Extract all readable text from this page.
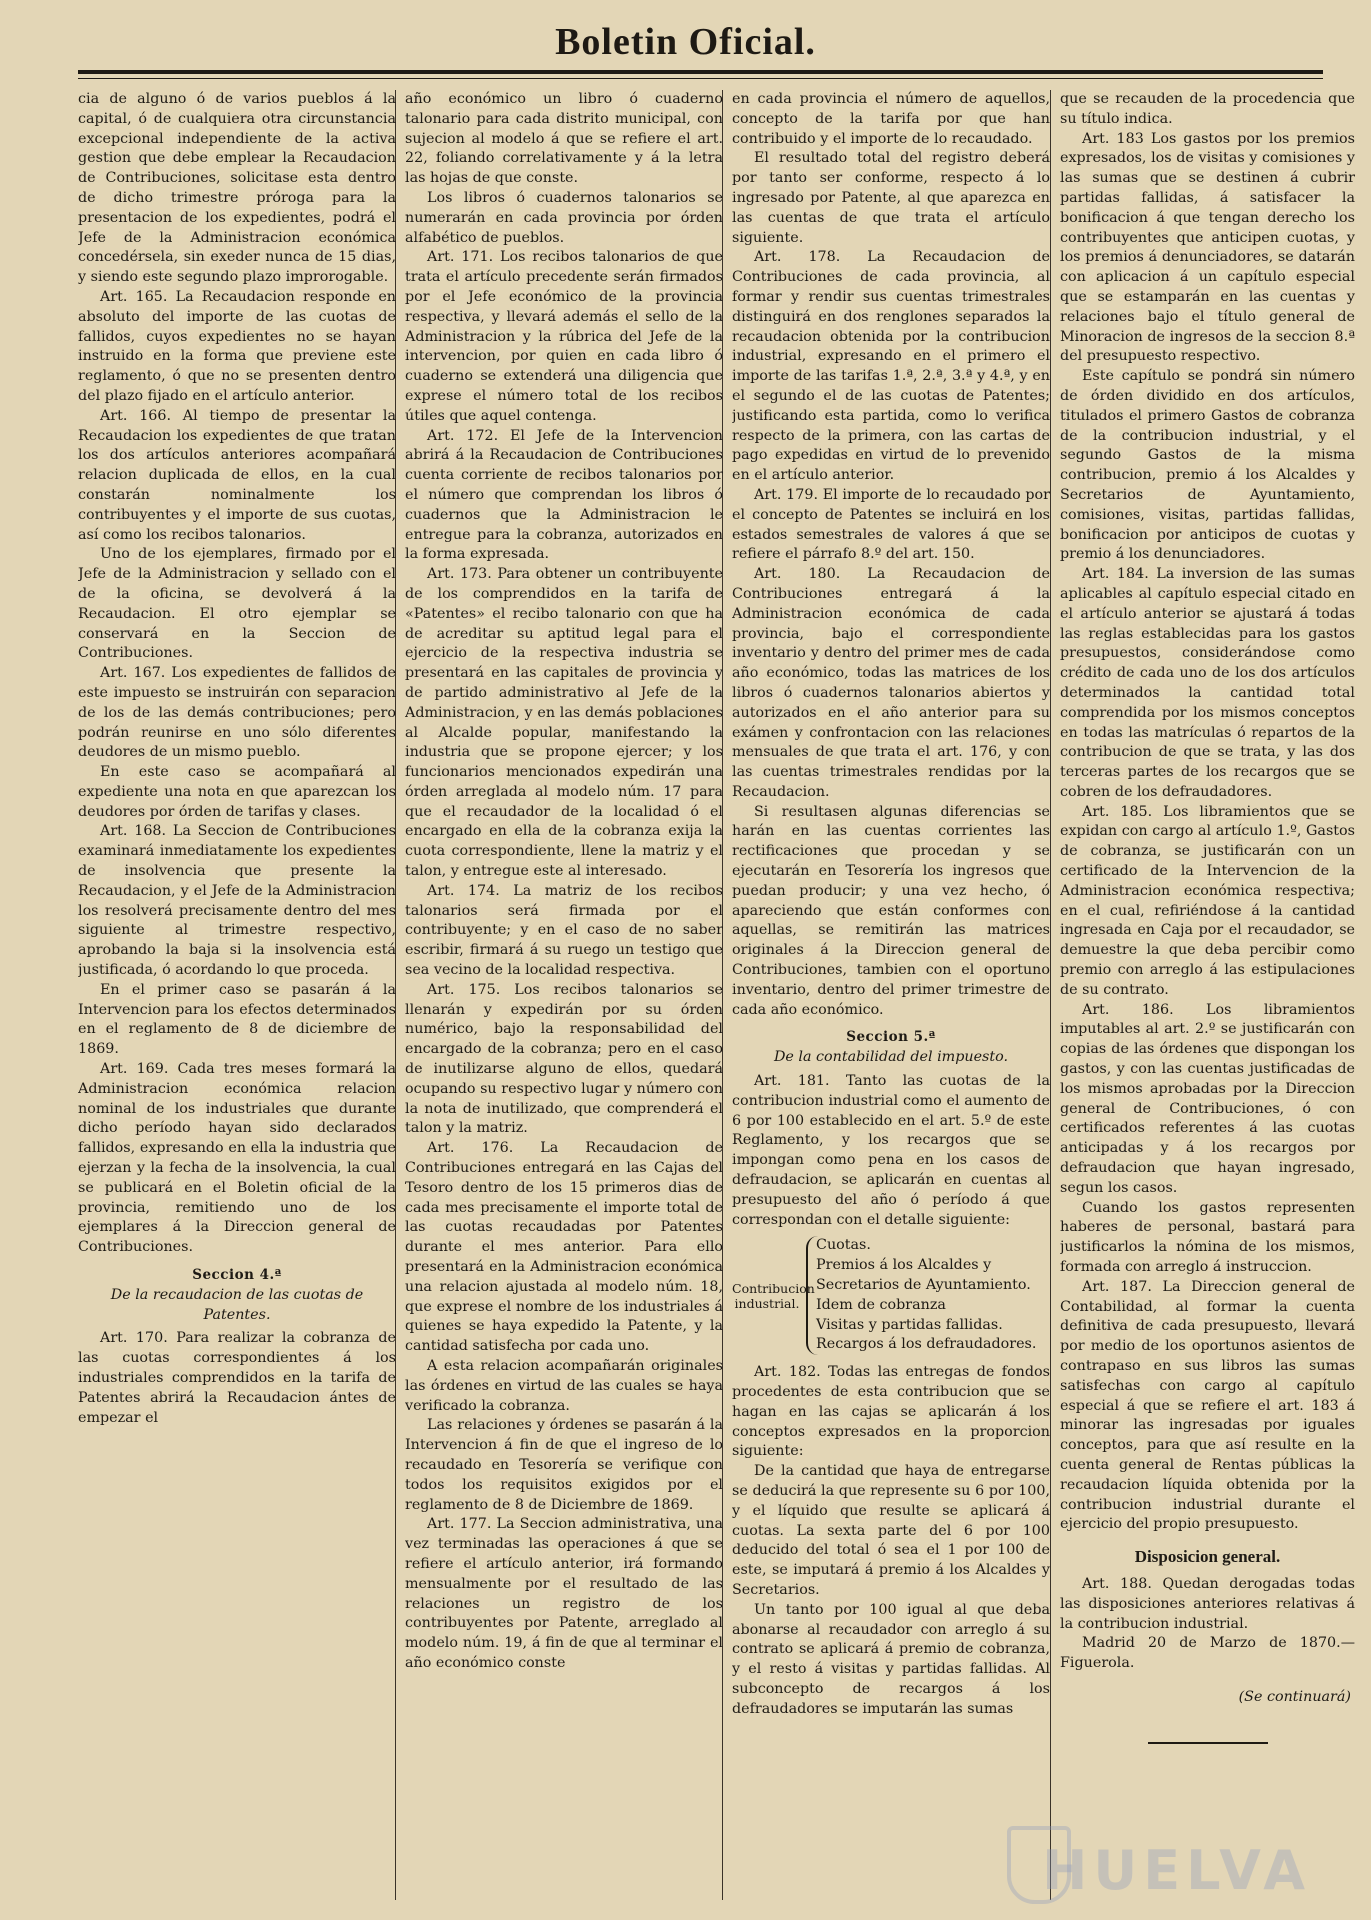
Boletin Oficial.

cia de alguno ó de varios pueblos á la capital, ó de cualquiera otra circunstancia excepcional independiente de la activa gestion que debe emplear la Recaudacion de Contribuciones, solicitase esta dentro de dicho trimestre próroga para la presentacion de los expedientes, podrá el Jefe de la Administracion económica concedérsela, sin exeder nunca de 15 dias, y siendo este segundo plazo improrogable.

Art. 165. La Recaudacion responde en absoluto del importe de las cuotas de fallidos, cuyos expedientes no se hayan instruido en la forma que previene este reglamento, ó que no se presenten dentro del plazo fijado en el artículo anterior.

Art. 166. Al tiempo de presentar la Recaudacion los expedientes de que tratan los dos artículos anteriores acompañará relacion duplicada de ellos, en la cual constarán nominalmente los contribuyentes y el importe de sus cuotas, así como los recibos talonarios.

Uno de los ejemplares, firmado por el Jefe de la Administracion y sellado con el de la oficina, se devolverá á la Recaudacion. El otro ejemplar se conservará en la Seccion de Contribuciones.

Art. 167. Los expedientes de fallidos de este impuesto se instruirán con separacion de los de las demás contribuciones; pero podrán reunirse en uno sólo diferentes deudores de un mismo pueblo.

En este caso se acompañará al expediente una nota en que aparezcan los deudores por órden de tarifas y clases.

Art. 168. La Seccion de Contribuciones examinará inmediatamente los expedientes de insolvencia que presente la Recaudacion, y el Jefe de la Administracion los resolverá precisamente dentro del mes siguiente al trimestre respectivo, aprobando la baja si la insolvencia está justificada, ó acordando lo que proceda.

En el primer caso se pasarán á la Intervencion para los efectos determinados en el reglamento de 8 de diciembre de 1869.

Art. 169. Cada tres meses formará la Administracion económica relacion nominal de los industriales que durante dicho período hayan sido declarados fallidos, expresando en ella la industria que ejerzan y la fecha de la insolvencia, la cual se publicará en el Boletin oficial de la provincia, remitiendo uno de los ejemplares á la Direccion general de Contribuciones.

Seccion 4.ª
De la recaudacion de las cuotas de Patentes.

Art. 170. Para realizar la cobranza de las cuotas correspondientes á los industriales comprendidos en la tarifa de Patentes abrirá la Recaudacion ántes de empezar el

año económico un libro ó cuaderno talonario para cada distrito municipal, con sujecion al modelo á que se refiere el art. 22, foliando correlativamente y á la letra las hojas de que conste.

Los libros ó cuadernos talonarios se numerarán en cada provincia por órden alfabético de pueblos.

Art. 171. Los recibos talonarios de que trata el artículo precedente serán firmados por el Jefe económico de la provincia respectiva, y llevará además el sello de la Administracion y la rúbrica del Jefe de la intervencion, por quien en cada libro ó cuaderno se extenderá una diligencia que exprese el número total de los recibos útiles que aquel contenga.

Art. 172. El Jefe de la Intervencion abrirá á la Recaudacion de Contribuciones cuenta corriente de recibos talonarios por el número que comprendan los libros ó cuadernos que la Administracion le entregue para la cobranza, autorizados en la forma expresada.

Art. 173. Para obtener un contribuyente de los comprendidos en la tarifa de «Patentes» el recibo talonario con que ha de acreditar su aptitud legal para el ejercicio de la respectiva industria se presentará en las capitales de provincia y de partido administrativo al Jefe de la Administracion, y en las demás poblaciones al Alcalde popular, manifestando la industria que se propone ejercer; y los funcionarios mencionados expedirán una órden arreglada al modelo núm. 17 para que el recaudador de la localidad ó el encargado en ella de la cobranza exija la cuota correspondiente, llene la matriz y el talon, y entregue este al interesado.

Art. 174. La matriz de los recibos talonarios será firmada por el contribuyente; y en el caso de no saber escribir, firmará á su ruego un testigo que sea vecino de la localidad respectiva.

Art. 175. Los recibos talonarios se llenarán y expedirán por su órden numérico, bajo la responsabilidad del encargado de la cobranza; pero en el caso de inutilizarse alguno de ellos, quedará ocupando su respectivo lugar y número con la nota de inutilizado, que comprenderá el talon y la matriz.

Art. 176. La Recaudacion de Contribuciones entregará en las Cajas del Tesoro dentro de los 15 primeros dias de cada mes precisamente el importe total de las cuotas recaudadas por Patentes durante el mes anterior. Para ello presentará en la Administracion económica una relacion ajustada al modelo núm. 18, que exprese el nombre de los industriales á quienes se haya expedido la Patente, y la cantidad satisfecha por cada uno.

A esta relacion acompañarán originales las órdenes en virtud de las cuales se haya verificado la cobranza.

Las relaciones y órdenes se pasarán á la Intervencion á fin de que el ingreso de lo recaudado en Tesorería se verifique con todos los requisitos exigidos por el reglamento de 8 de Diciembre de 1869.

Art. 177. La Seccion administrativa, una vez terminadas las operaciones á que se refiere el artículo anterior, irá formando mensualmente por el resultado de las relaciones un registro de los contribuyentes por Patente, arreglado al modelo núm. 19, á fin de que al terminar el año económico conste

en cada provincia el número de aquellos, concepto de la tarifa por que han contribuido y el importe de lo recaudado.

El resultado total del registro deberá por tanto ser conforme, respecto á lo ingresado por Patente, al que aparezca en las cuentas de que trata el artículo siguiente.

Art. 178. La Recaudacion de Contribuciones de cada provincia, al formar y rendir sus cuentas trimestrales distinguirá en dos renglones separados la recaudacion obtenida por la contribucion industrial, expresando en el primero el importe de las tarifas 1.ª, 2.ª, 3.ª y 4.ª, y en el segundo el de las cuotas de Patentes; justificando esta partida, como lo verifica respecto de la primera, con las cartas de pago expedidas en virtud de lo prevenido en el artículo anterior.

Art. 179. El importe de lo recaudado por el concepto de Patentes se incluirá en los estados semestrales de valores á que se refiere el párrafo 8.º del art. 150.

Art. 180. La Recaudacion de Contribuciones entregará á la Administracion económica de cada provincia, bajo el correspondiente inventario y dentro del primer mes de cada año económico, todas las matrices de los libros ó cuadernos talonarios abiertos y autorizados en el año anterior para su exámen y confrontacion con las relaciones mensuales de que trata el art. 176, y con las cuentas trimestrales rendidas por la Recaudacion.

Si resultasen algunas diferencias se harán en las cuentas corrientes las rectificaciones que procedan y se ejecutarán en Tesorería los ingresos que puedan producir; y una vez hecho, ó apareciendo que están conformes con aquellas, se remitirán las matrices originales á la Direccion general de Contribuciones, tambien con el oportuno inventario, dentro del primer trimestre de cada año económico.

Seccion 5.ª
De la contabilidad del impuesto.

Art. 181. Tanto las cuotas de la contribucion industrial como el aumento de 6 por 100 establecido en el art. 5.º de este Reglamento, y los recargos que se impongan como pena en los casos de defraudacion, se aplicarán en cuentas al presupuesto del año ó período á que correspondan con el detalle siguiente:

Contribucion industrial.
Cuotas.
Premios á los Alcaldes y Secretarios de Ayuntamiento.
Idem de cobranza
Visitas y partidas fallidas.
Recargos á los defraudadores.

Art. 182. Todas las entregas de fondos procedentes de esta contribucion que se hagan en las cajas se aplicarán á los conceptos expresados en la proporcion siguiente:

De la cantidad que haya de entregarse se deducirá la que represente su 6 por 100, y el líquido que resulte se aplicará á cuotas. La sexta parte del 6 por 100 deducido del total ó sea el 1 por 100 de este, se imputará á premio á los Alcaldes y Secretarios.

Un tanto por 100 igual al que deba abonarse al recaudador con arreglo á su contrato se aplicará á premio de cobranza, y el resto á visitas y partidas fallidas. Al subconcepto de recargos á los defraudadores se imputarán las sumas

que se recauden de la procedencia que su título indica.

Art. 183 Los gastos por los premios expresados, los de visitas y comisiones y las sumas que se destinen á cubrir partidas fallidas, á satisfacer la bonificacion á que tengan derecho los contribuyentes que anticipen cuotas, y los premios á denunciadores, se datarán con aplicacion á un capítulo especial que se estamparán en las cuentas y relaciones bajo el título general de Minoracion de ingresos de la seccion 8.ª del presupuesto respectivo.

Este capítulo se pondrá sin número de órden dividido en dos artículos, titulados el primero Gastos de cobranza de la contribucion industrial, y el segundo Gastos de la misma contribucion, premio á los Alcaldes y Secretarios de Ayuntamiento, comisiones, visitas, partidas fallidas, bonificacion por anticipos de cuotas y premio á los denunciadores.

Art. 184. La inversion de las sumas aplicables al capítulo especial citado en el artículo anterior se ajustará á todas las reglas establecidas para los gastos presupuestos, considerándose como crédito de cada uno de los dos artículos determinados la cantidad total comprendida por los mismos conceptos en todas las matrículas ó repartos de la contribucion de que se trata, y las dos terceras partes de los recargos que se cobren de los defraudadores.

Art. 185. Los libramientos que se expidan con cargo al artículo 1.º, Gastos de cobranza, se justificarán con un certificado de la Intervencion de la Administracion económica respectiva; en el cual, refiriéndose á la cantidad ingresada en Caja por el recaudador, se demuestre la que deba percibir como premio con arreglo á las estipulaciones de su contrato.

Art. 186. Los libramientos imputables al art. 2.º se justificarán con copias de las órdenes que dispongan los gastos, y con las cuentas justificadas de los mismos aprobadas por la Direccion general de Contribuciones, ó con certificados referentes á las cuotas anticipadas y á los recargos por defraudacion que hayan ingresado, segun los casos.

Cuando los gastos representen haberes de personal, bastará para justificarlos la nómina de los mismos, formada con arreglo á instruccion.

Art. 187. La Direccion general de Contabilidad, al formar la cuenta definitiva de cada presupuesto, llevará por medio de los oportunos asientos de contrapaso en sus libros las sumas satisfechas con cargo al capítulo especial á que se refiere el art. 183 á minorar las ingresadas por iguales conceptos, para que así resulte en la cuenta general de Rentas públicas la recaudacion líquida obtenida por la contribucion industrial durante el ejercicio del propio presupuesto.

Disposicion general.

Art. 188. Quedan derogadas todas las disposiciones anteriores relativas á la contribucion industrial.

Madrid 20 de Marzo de 1870.— Figuerola.

(Se continuará)
HUELVA
